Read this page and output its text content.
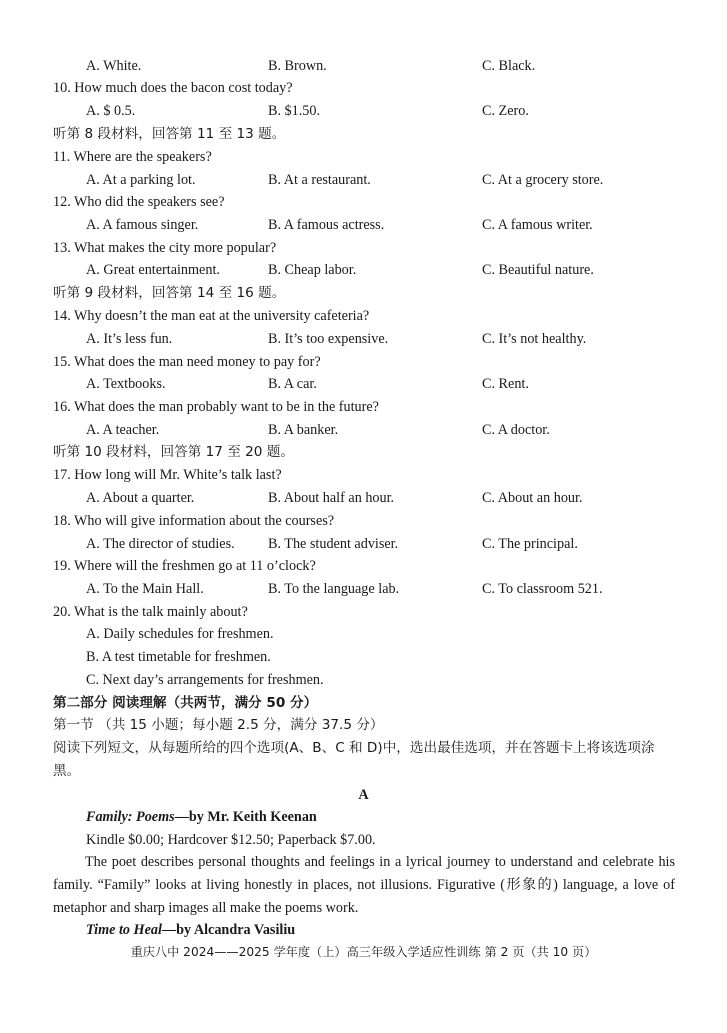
A. White.	B. Brown.	C. Black.
10. How much does the bacon cost today?
A. $ 0.5.	B. $1.50.	C. Zero.
听第 8 段材料，回答第 11 至 13 题。
11. Where are the speakers?
A. At a parking lot.	B. At a restaurant.	C. At a grocery store.
12. Who did the speakers see?
A. A famous singer.	B. A famous actress.	C. A famous writer.
13. What makes the city more popular?
A. Great entertainment.	B. Cheap labor.	C. Beautiful nature.
听第 9 段材料，回答第 14 至 16 题。
14. Why doesn’t the man eat at the university cafeteria?
A. It’s less fun.	B. It’s too expensive.	C. It’s not healthy.
15. What does the man need money to pay for?
A. Textbooks.	B. A car.	C. Rent.
16. What does the man probably want to be in the future?
A. A teacher.	B. A banker.	C. A doctor.
听第 10 段材料，回答第 17 至 20 题。
17. How long will Mr. White’s talk last?
A. About a quarter.	B. About half an hour.	C. About an hour.
18. Who will give information about the courses?
A. The director of studies. B. The student adviser.	C. The principal.
19. Where will the freshmen go at 11 o’clock?
A. To the Main Hall.	B. To the language lab.	C. To classroom 521.
20. What is the talk mainly about?
A. Daily schedules for freshmen.
B. A test timetable for freshmen.
C. Next day’s arrangements for freshmen.
第二部分 阅读理解（共两节，满分 50 分）
第一节 （共 15 小题；每小题 2.5 分，满分 37.5 分）
阅读下列短文，从每题所给的四个选项(A、B、C 和 D)中，选出最佳选项，并在答题卡上将该选项涂黑。
A
Family: Poems—by Mr. Keith Keenan
Kindle $0.00; Hardcover $12.50; Paperback $7.00.
The poet describes personal thoughts and feelings in a lyrical journey to understand and celebrate his family. “Family” looks at living honestly in places, not illusions. Figurative (形象的) language, a love of metaphor and sharp images all make the poems work.
Time to Heal—by Alcandra Vasiliu
重庆八中 2024——2025 学年度（上）高三年级入学适应性训练 第 2 页（共 10 页）
